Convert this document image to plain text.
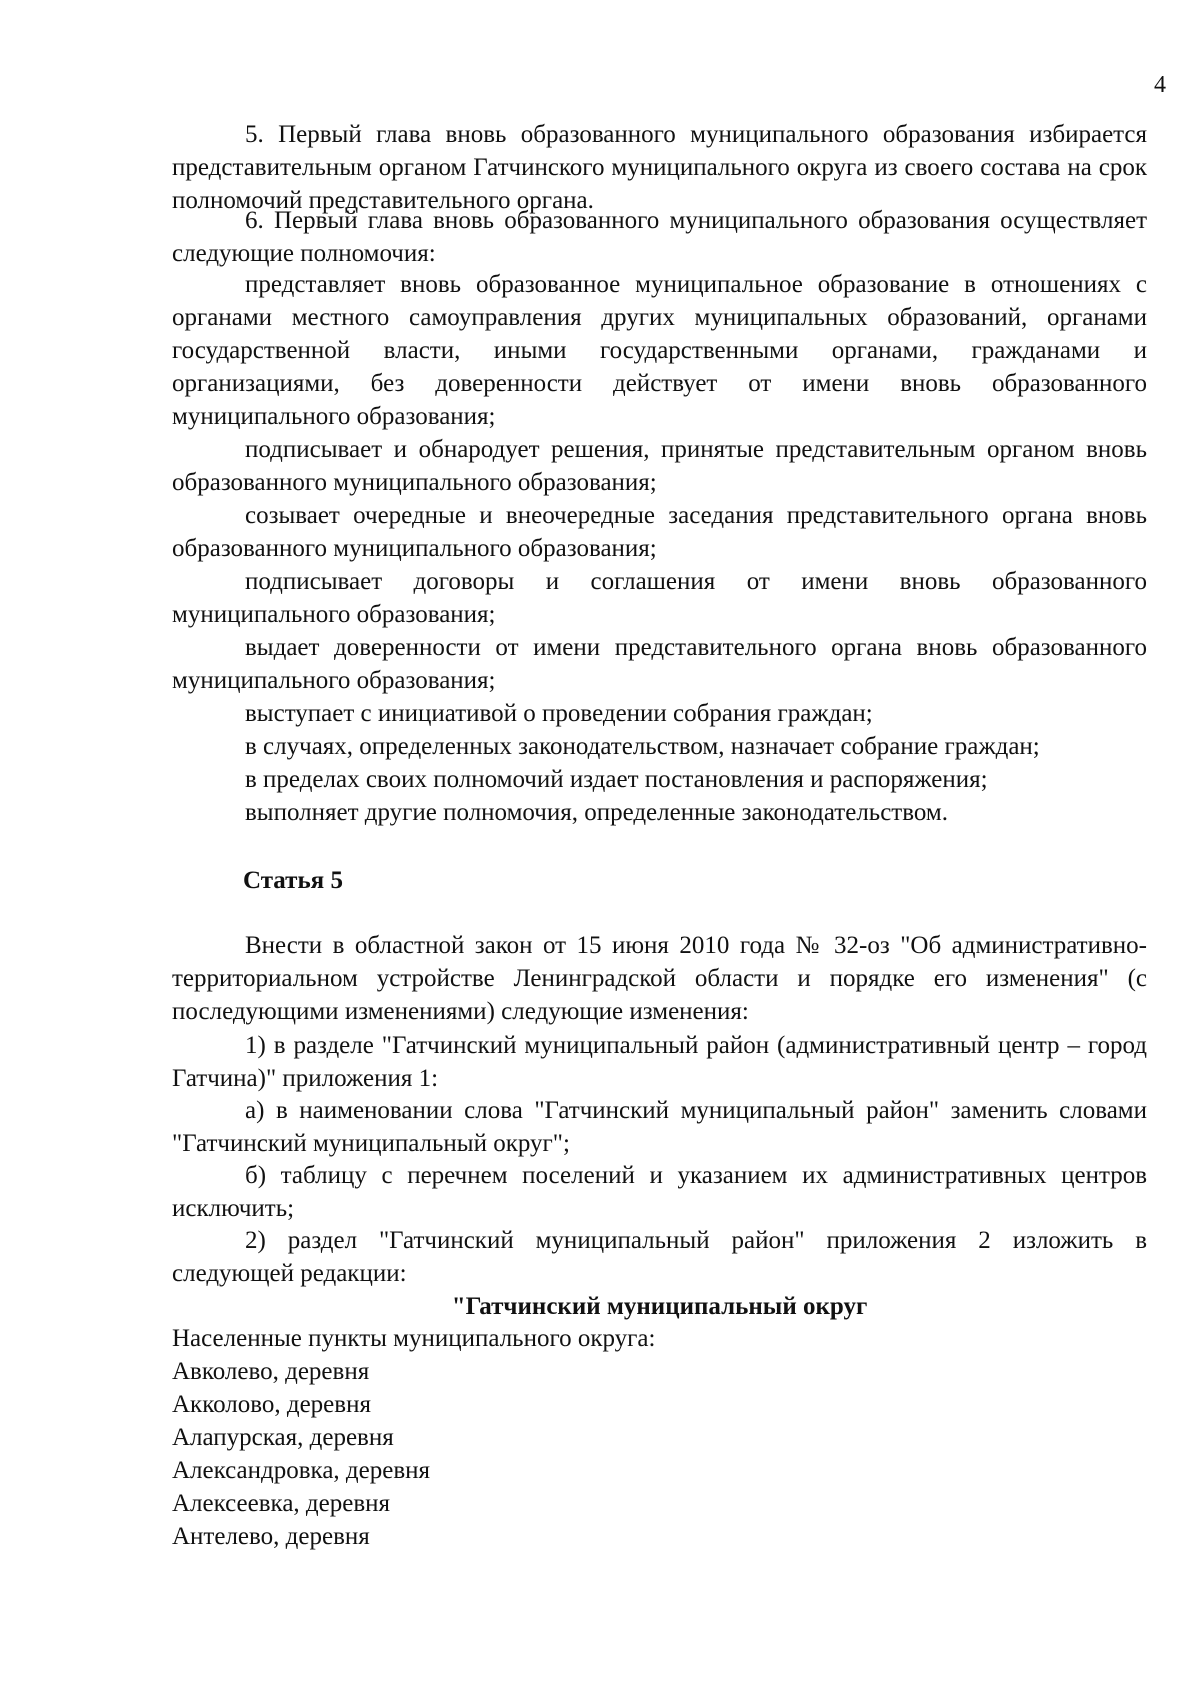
4
5. Первый глава вновь образованного муниципального образования избирается представительным органом Гатчинского муниципального округа из своего состава на срок полномочий представительного органа.
6. Первый глава вновь образованного муниципального образования осуществляет следующие полномочия:
представляет вновь образованное муниципальное образование в отношениях с органами местного самоуправления других муниципальных образований, органами государственной власти, иными государственными органами, гражданами и организациями, без доверенности действует от имени вновь образованного муниципального образования;
подписывает и обнародует решения, принятые представительным органом вновь образованного муниципального образования;
созывает очередные и внеочередные заседания представительного органа вновь образованного муниципального образования;
подписывает договоры и соглашения от имени вновь образованного муниципального образования;
выдает доверенности от имени представительного органа вновь образованного муниципального образования;
выступает с инициативой о проведении собрания граждан;
в случаях, определенных законодательством, назначает собрание граждан;
в пределах своих полномочий издает постановления и распоряжения;
выполняет другие полномочия, определенные законодательством.
Статья 5
Внести в областной закон от 15 июня 2010 года № 32-оз "Об административно-территориальном устройстве Ленинградской области и порядке его изменения" (с последующими изменениями) следующие изменения:
1) в разделе "Гатчинский муниципальный район (административный центр – город Гатчина)" приложения 1:
а) в наименовании слова "Гатчинский муниципальный район" заменить словами "Гатчинский муниципальный округ";
б) таблицу с перечнем поселений и указанием их административных центров исключить;
2) раздел "Гатчинский муниципальный район" приложения 2 изложить в следующей редакции:
"Гатчинский муниципальный округ
Населенные пункты муниципального округа:
Авколево, деревня
Акколово, деревня
Алапурская, деревня
Александровка, деревня
Алексеевка, деревня
Антелево, деревня
